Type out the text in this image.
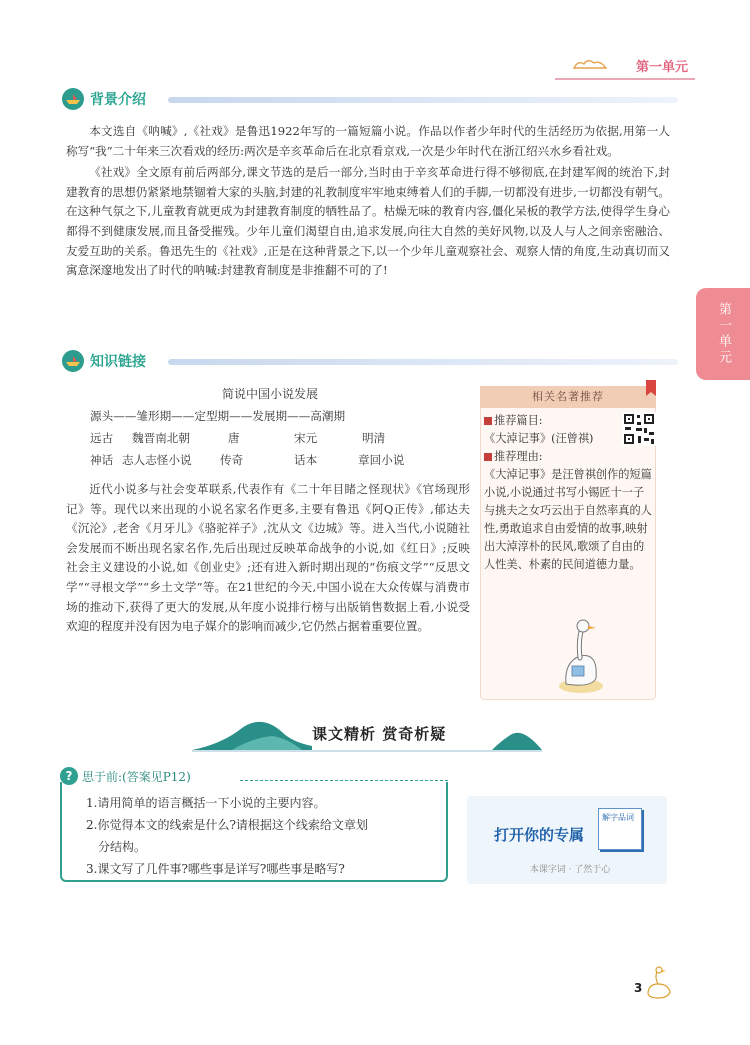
第一单元
第一单元
背景介绍

本文选自《呐喊》,《社戏》是鲁迅1922年写的一篇短篇小说。作品以作者少年时代的生活经历为依据,用第一人称写“我”二十年来三次看戏的经历:两次是辛亥革命后在北京看京戏,一次是少年时代在浙江绍兴水乡看社戏。

《社戏》全文原有前后两部分,课文节选的是后一部分,当时由于辛亥革命进行得不够彻底,在封建军阀的统治下,封建教育的思想仍紧紧地禁锢着大家的头脑,封建的礼教制度牢牢地束缚着人们的手脚,一切都没有进步,一切都没有朝气。在这种气氛之下,儿童教育就更成为封建教育制度的牺牲品了。枯燥无味的教育内容,僵化呆板的教学方法,使得学生身心都得不到健康发展,而且备受摧残。少年儿童们渴望自由,追求发展,向往大自然的美好风物,以及人与人之间亲密融洽、友爱互助的关系。鲁迅先生的《社戏》,正是在这种背景之下,以一个少年儿童观察社会、观察人情的角度,生动真切而又寓意深邃地发出了时代的呐喊:封建教育制度是非推翻不可的了!

知识链接
简说中国小说发展
源头——雏形期——定型期——发展期——高潮期
远古 魏晋南北朝	唐	宋元	明清
神话 志人志怪小说 传奇	话本	章回小说

近代小说多与社会变革联系,代表作有《二十年目睹之怪现状》《官场现形记》等。现代以来出现的小说名家名作更多,主要有鲁迅《阿Q正传》,郁达夫《沉沦》,老舍《月牙儿》《骆驼祥子》,沈从文《边城》等。进入当代,小说随社会发展而不断出现名家名作,先后出现过反映革命战争的小说,如《红日》;反映社会主义建设的小说,如《创业史》;还有进入新时期出现的“伤痕文学”“反思文学”“寻根文学”“乡土文学”等。在21世纪的今天,中国小说在大众传媒与消费市场的推动下,获得了更大的发展,从年度小说排行榜与出版销售数据上看,小说受欢迎的程度并没有因为电子媒介的影响而减少,它仍然占据着重要位置。

相关名著推荐
推荐篇目:
《大淖记事》(汪曾祺)
推荐理由:
《大淖记事》是汪曾祺创作的短篇小说,小说通过书写小锡匠十一子与挑夫之女巧云出于自然率真的人性,勇敢追求自由爱情的故事,映射出大淖淳朴的民风,歌颂了自由的人性美、朴素的民间道德力量。
课文精析 赏奇析疑
? 思于前:(答案见P12)
1.请用简单的语言概括一下小说的主要内容。
2.你觉得本文的线索是什么?请根据这个线索给文章划
分结构。
3.课文写了几件事?哪些事是详写?哪些事是略写?
打开你的专属
解字品词
本课字词 · 了然于心
3
